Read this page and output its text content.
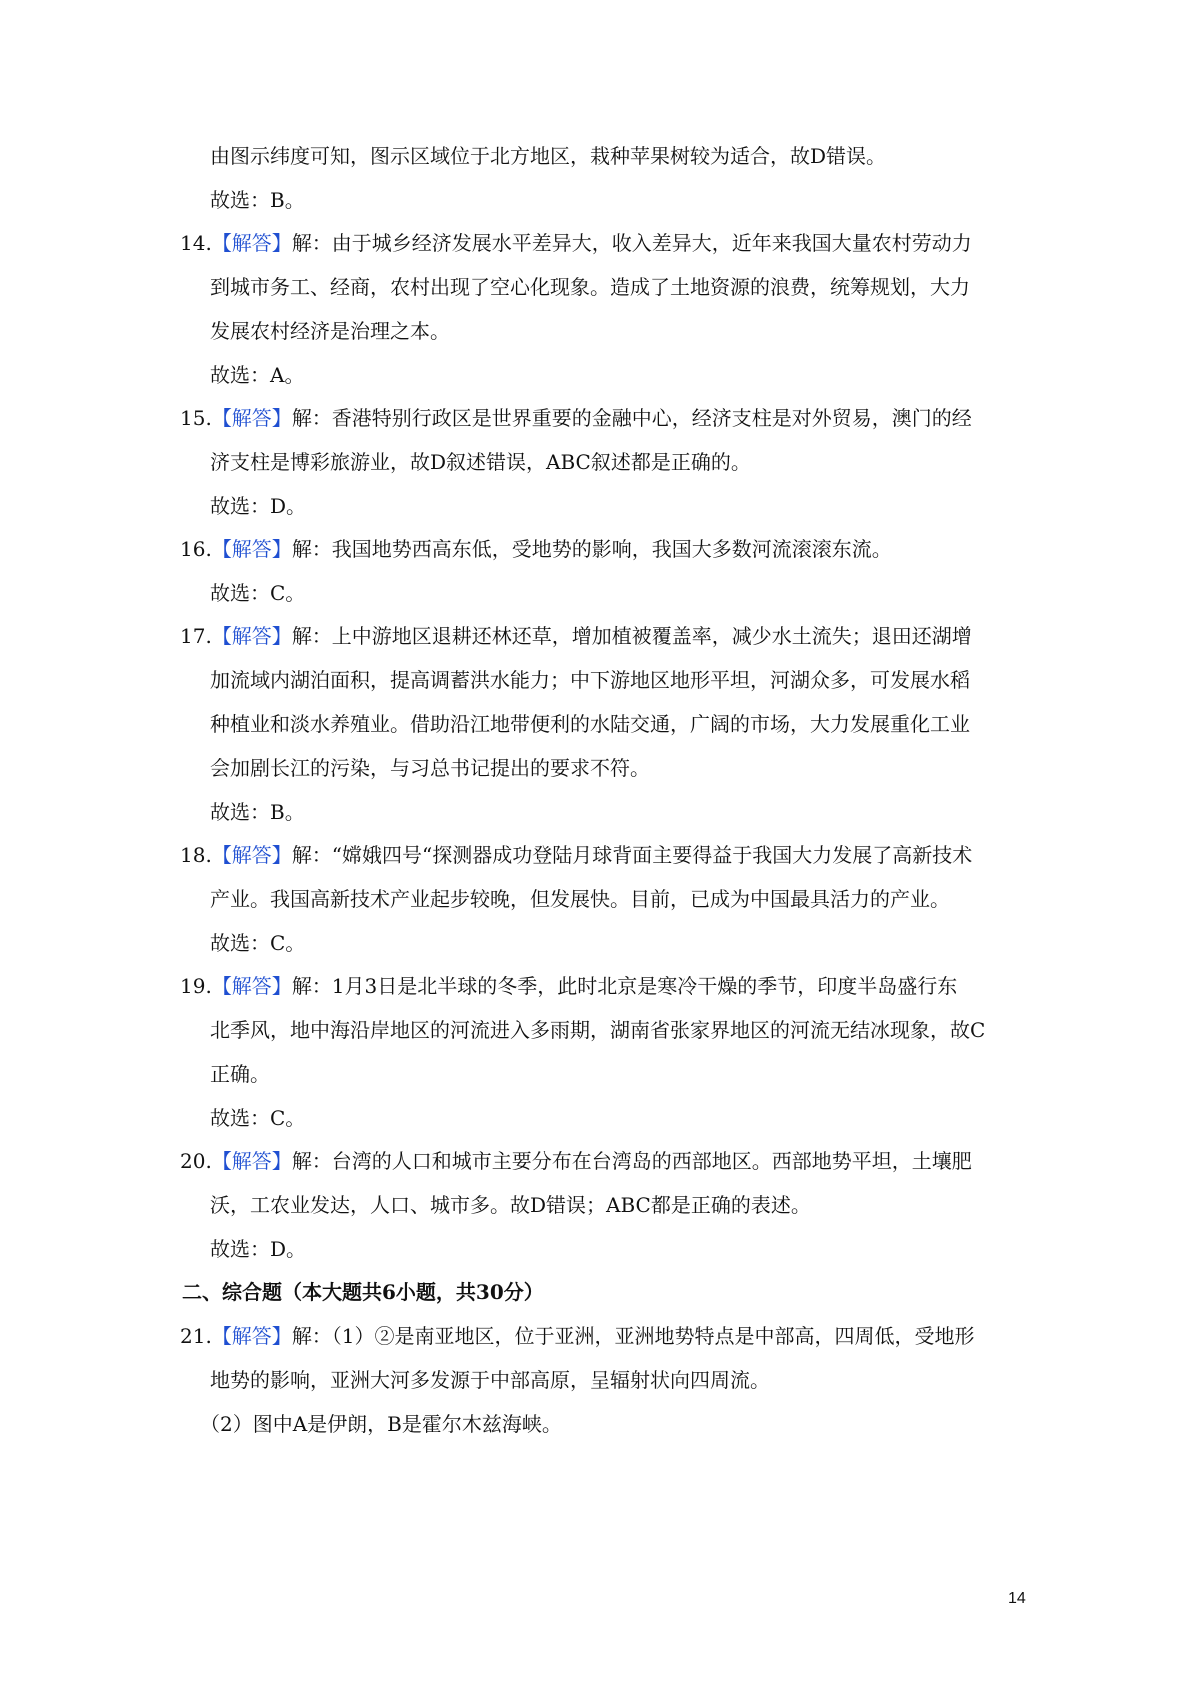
由图示纬度可知，图示区域位于北方地区，栽种苹果树较为适合，故D错误。
故选：B。
14.【解答】解：由于城乡经济发展水平差异大，收入差异大，近年来我国大量农村劳动力
到城市务工、经商，农村出现了空心化现象。造成了土地资源的浪费，统筹规划，大力
发展农村经济是治理之本。
故选：A。
15.【解答】解：香港特别行政区是世界重要的金融中心，经济支柱是对外贸易，澳门的经
济支柱是博彩旅游业，故D叙述错误，ABC叙述都是正确的。
故选：D。
16.【解答】解：我国地势西高东低，受地势的影响，我国大多数河流滚滚东流。
故选：C。
17.【解答】解：上中游地区退耕还林还草，增加植被覆盖率，减少水土流失；退田还湖增
加流域内湖泊面积，提高调蓄洪水能力；中下游地区地形平坦，河湖众多，可发展水稻
种植业和淡水养殖业。借助沿江地带便利的水陆交通，广阔的市场，大力发展重化工业
会加剧长江的污染，与习总书记提出的要求不符。
故选：B。
18.【解答】解：“嫦娥四号“探测器成功登陆月球背面主要得益于我国大力发展了高新技术
产业。我国高新技术产业起步较晚，但发展快。目前，已成为中国最具活力的产业。
故选：C。
19.【解答】解：1月3日是北半球的冬季，此时北京是寒冷干燥的季节，印度半岛盛行东
北季风，地中海沿岸地区的河流进入多雨期，湖南省张家界地区的河流无结冰现象，故C
正确。
故选：C。
20.【解答】解：台湾的人口和城市主要分布在台湾岛的西部地区。西部地势平坦，土壤肥
沃，工农业发达，人口、城市多。故D错误；ABC都是正确的表述。
故选：D。
二、综合题（本大题共6小题，共30分）
21.【解答】解：（1）②是南亚地区，位于亚洲，亚洲地势特点是中部高，四周低，受地形
地势的影响，亚洲大河多发源于中部高原，呈辐射状向四周流。
（2）图中A是伊朗，B是霍尔木兹海峡。
14
